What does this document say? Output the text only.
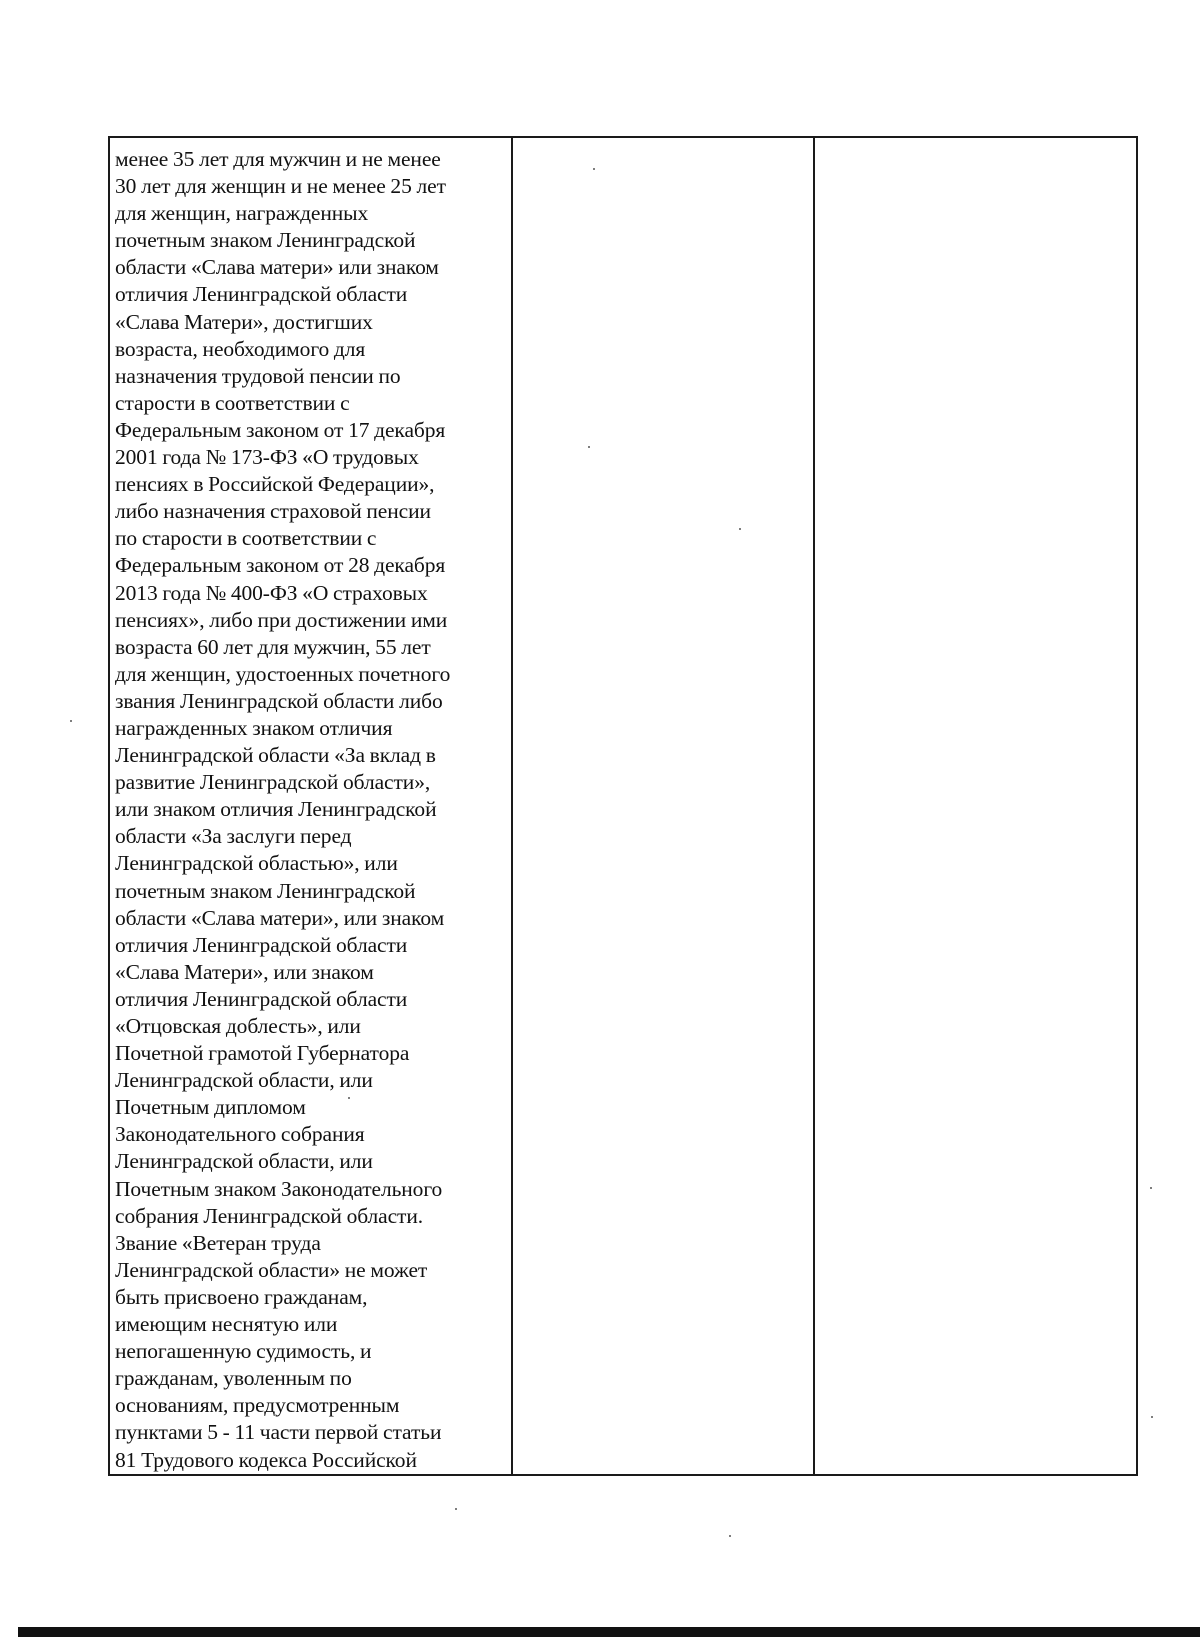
менее 35 лет для мужчин и не менее
30 лет для женщин и не менее 25 лет
для женщин, награжденных
почетным знаком Ленинградской
области «Слава матери» или знаком
отличия Ленинградской области
«Слава Матери», достигших
возраста, необходимого для
назначения трудовой пенсии по
старости в соответствии с
Федеральным законом от 17 декабря
2001 года № 173-ФЗ «О трудовых
пенсиях в Российской Федерации»,
либо назначения страховой пенсии
по старости в соответствии с
Федеральным законом от 28 декабря
2013 года № 400-ФЗ «О страховых
пенсиях», либо при достижении ими
возраста 60 лет для мужчин, 55 лет
для женщин, удостоенных почетного
звания Ленинградской области либо
награжденных знаком отличия
Ленинградской области «За вклад в
развитие Ленинградской области»,
или знаком отличия Ленинградской
области «За заслуги перед
Ленинградской областью», или
почетным знаком Ленинградской
области «Слава матери», или знаком
отличия Ленинградской области
«Слава Матери», или знаком
отличия Ленинградской области
«Отцовская доблесть», или
Почетной грамотой Губернатора
Ленинградской области, или
Почетным дипломом
Законодательного собрания
Ленинградской области, или
Почетным знаком Законодательного
собрания Ленинградской области.
Звание «Ветеран труда
Ленинградской области» не может
быть присвоено гражданам,
имеющим неснятую или
непогашенную судимость, и
гражданам, уволенным по
основаниям, предусмотренным
пунктами 5 - 11 части первой статьи
81 Трудового кодекса Российской
